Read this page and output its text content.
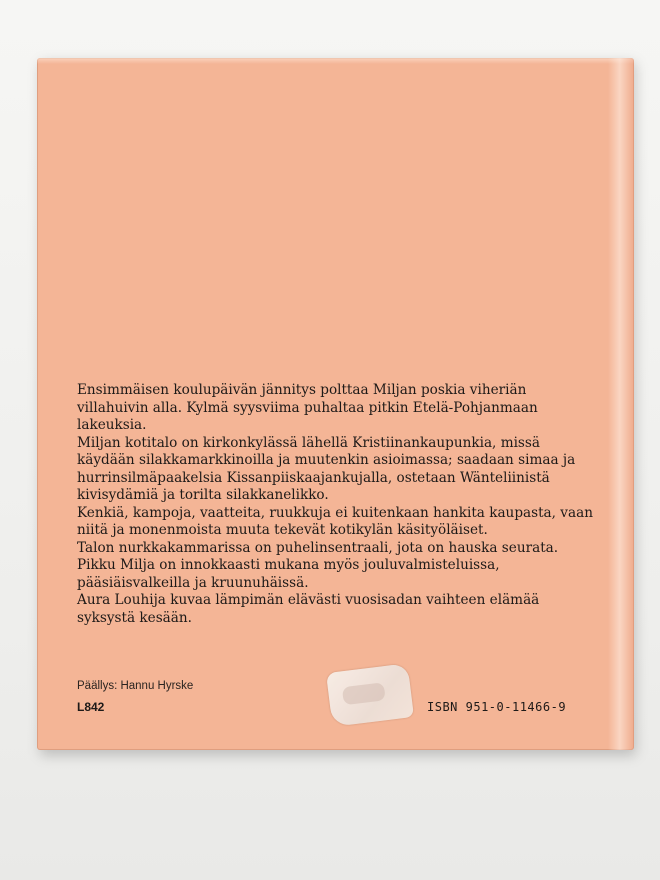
Ensimmäisen koulupäivän jännitys polttaa Miljan poskia viheriän villahuivin alla. Kylmä syysviima puhaltaa pitkin Etelä-Pohjanmaan lakeuksia.

Miljan kotitalo on kirkonkylässä lähellä Kristiinankaupunkia, missä käydään silakkamarkkinoilla ja muutenkin asioimassa; saadaan simaa ja hurrinsilmäpaakelsia Kissanpiiskaajankujalla, ostetaan Wänteliinistä kivisydämiä ja torilta silakkanelikko.

Kenkiä, kampoja, vaatteita, ruukkuja ei kuitenkaan hankita kaupasta, vaan niitä ja monenmoista muuta tekevät kotikylän käsityöläiset.

Talon nurkkakammarissa on puhelinsentraali, jota on hauska seurata.

Pikku Milja on innokkaasti mukana myös jouluvalmisteluissa, pääsiäisvalkeilla ja kruunuhäissä.

Aura Louhija kuvaa lämpimän elävästi vuosisadan vaihteen elämää syksystä kesään.

Päällys: Hannu Hyrske
L842	ISBN 951-0-11466-9
